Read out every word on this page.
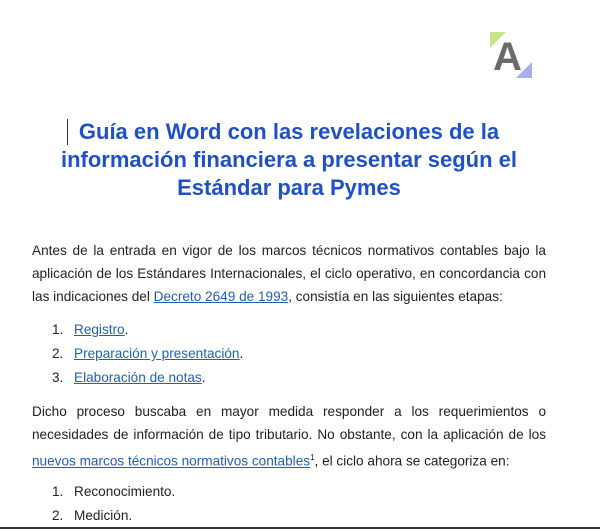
A
Guía en Word con las revelaciones de la información financiera a presentar según el Estándar para Pymes

Antes de la entrada en vigor de los marcos técnicos normativos contables bajo la aplicación de los Estándares Internacionales, el ciclo operativo, en concordancia con las indicaciones del Decreto 2649 de 1993, consistía en las siguientes etapas:

1. Registro.
2. Preparación y presentación.
3. Elaboración de notas.

Dicho proceso buscaba en mayor medida responder a los requerimientos o necesidades de información de tipo tributario. No obstante, con la aplicación de los nuevos marcos técnicos normativos contables$^1$, el ciclo ahora se categoriza en:

1. Reconocimiento.
2. Medición.
